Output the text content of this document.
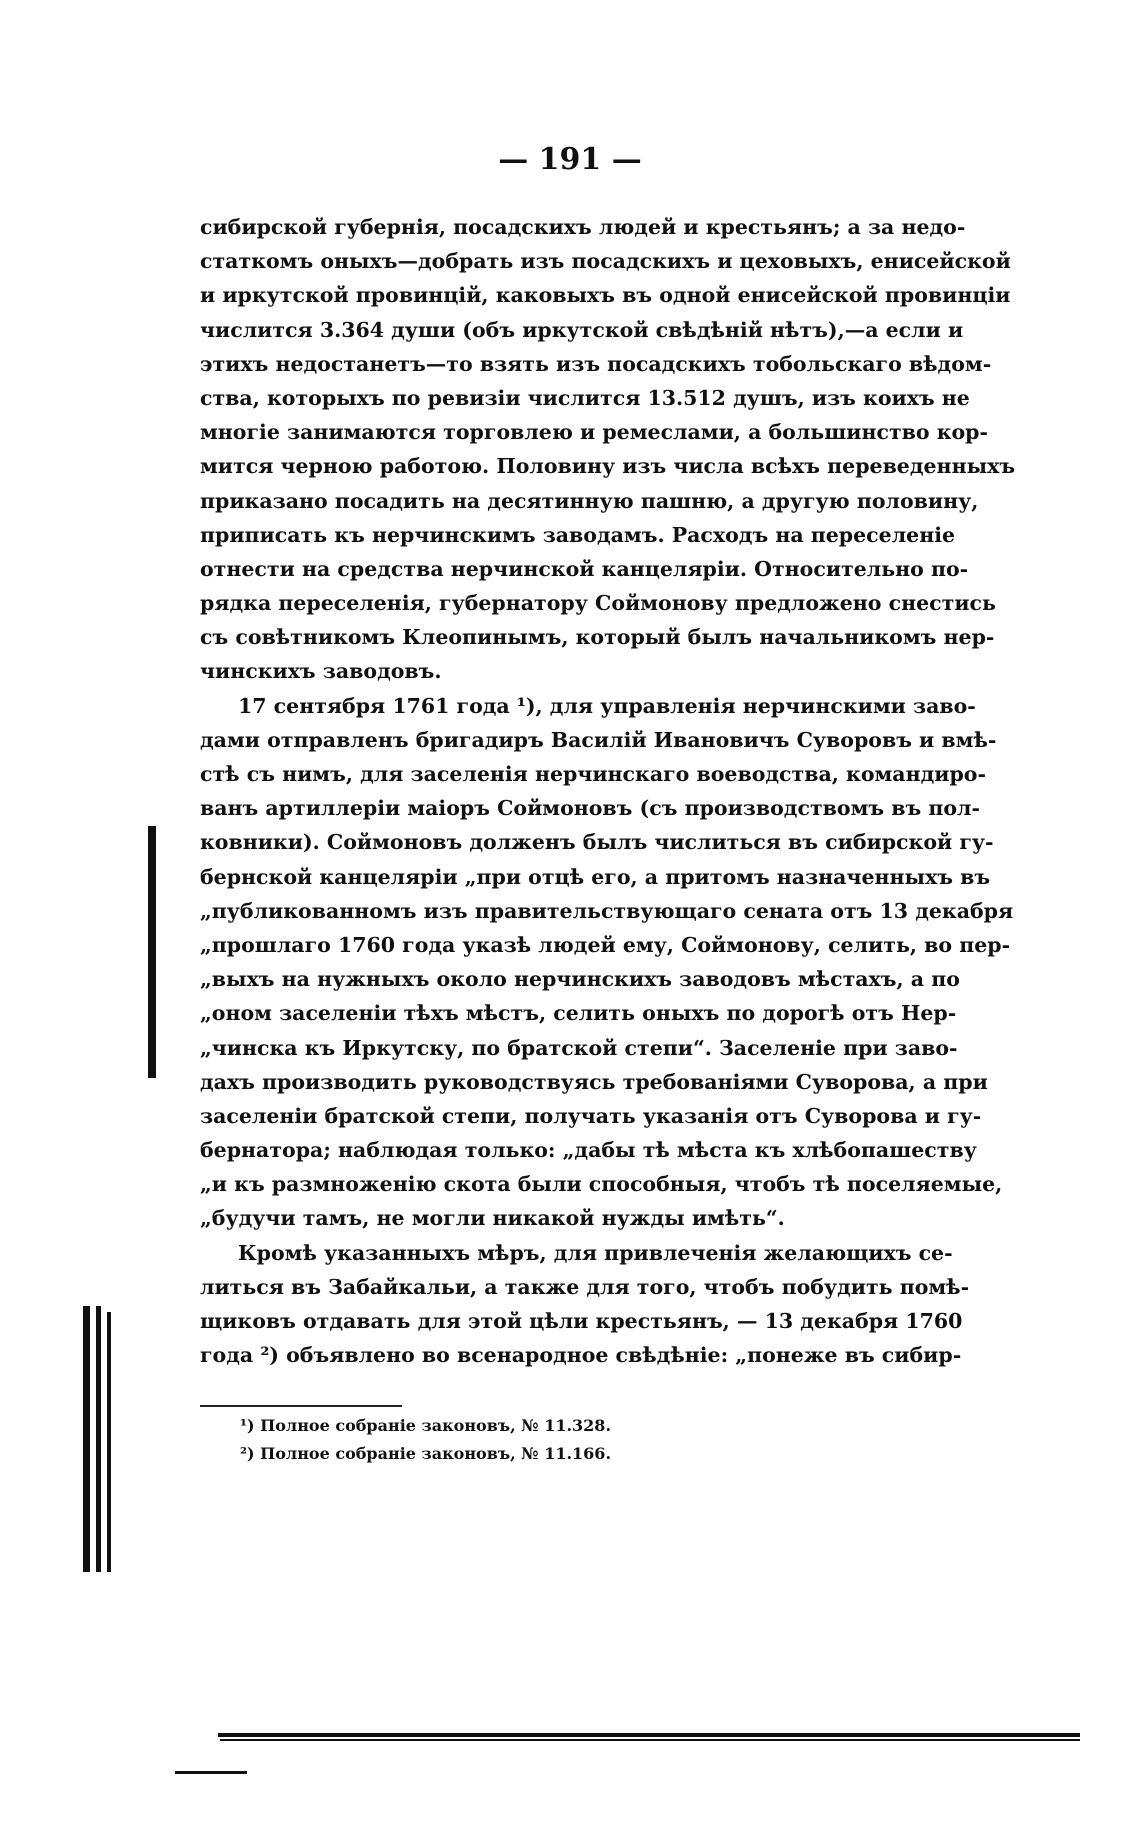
— 191 —
сибирской губернія, посадскихъ людей и крестьянъ; а за недо-
статкомъ оныхъ—добрать изъ посадскихъ и цеховыхъ, енисейской
и иркутской провинцій, каковыхъ въ одной енисейской провинціи
числится 3.364 души (объ иркутской свѣдѣній нѣтъ),—а если и
этихъ недостанетъ—то взять изъ посадскихъ тобольскаго вѣдом-
ства, которыхъ по ревизіи числится 13.512 душъ, изъ коихъ не
многіе занимаются торговлею и ремеслами, а большинство кор-
мится черною работою. Половину изъ числа всѣхъ переведенныхъ
приказано посадить на десятинную пашню, а другую половину,
приписать къ нерчинскимъ заводамъ. Расходъ на переселеніе
отнести на средства нерчинской канцеляріи. Относительно по-
рядка переселенія, губернатору Соймонову предложено снестись
съ совѣтникомъ Клеопинымъ, который былъ начальникомъ нер-
чинскихъ заводовъ.
17 сентября 1761 года ¹), для управленія нерчинскими заво-
дами отправленъ бригадиръ Василій Ивановичъ Суворовъ и вмѣ-
стѣ съ нимъ, для заселенія нерчинскаго воеводства, командиро-
ванъ артиллеріи маіоръ Соймоновъ (съ производствомъ въ пол-
ковники). Соймоновъ долженъ былъ числиться въ сибирской гу-
бернской канцеляріи „при отцѣ его, а притомъ назначенныхъ въ
„публикованномъ изъ правительствующаго сената отъ 13 декабря
„прошлаго 1760 года указѣ людей ему, Соймонову, селить, во пер-
„выхъ на нужныхъ около нерчинскихъ заводовъ мѣстахъ, а по
„оном заселеніи тѣхъ мѣстъ, селить оныхъ по дорогѣ отъ Нер-
„чинска къ Иркутску, по братской степи“. Заселеніе при заво-
дахъ производить руководствуясь требованіями Суворова, а при
заселеніи братской степи, получать указанія отъ Суворова и гу-
бернатора; наблюдая только: „дабы тѣ мѣста къ хлѣбопашеству
„и къ размноженію скота были способныя, чтобъ тѣ поселяемые,
„будучи тамъ, не могли никакой нужды имѣть“.
Кромѣ указанныхъ мѣръ, для привлеченія желающихъ се-
литься въ Забайкальи, а также для того, чтобъ побудить помѣ-
щиковъ отдавать для этой цѣли крестьянъ, — 13 декабря 1760
года ²) объявлено во всенародное свѣдѣніе: „понеже въ сибир-
¹) Полное собраніе законовъ, № 11.328.
²) Полное собраніе законовъ, № 11.166.
